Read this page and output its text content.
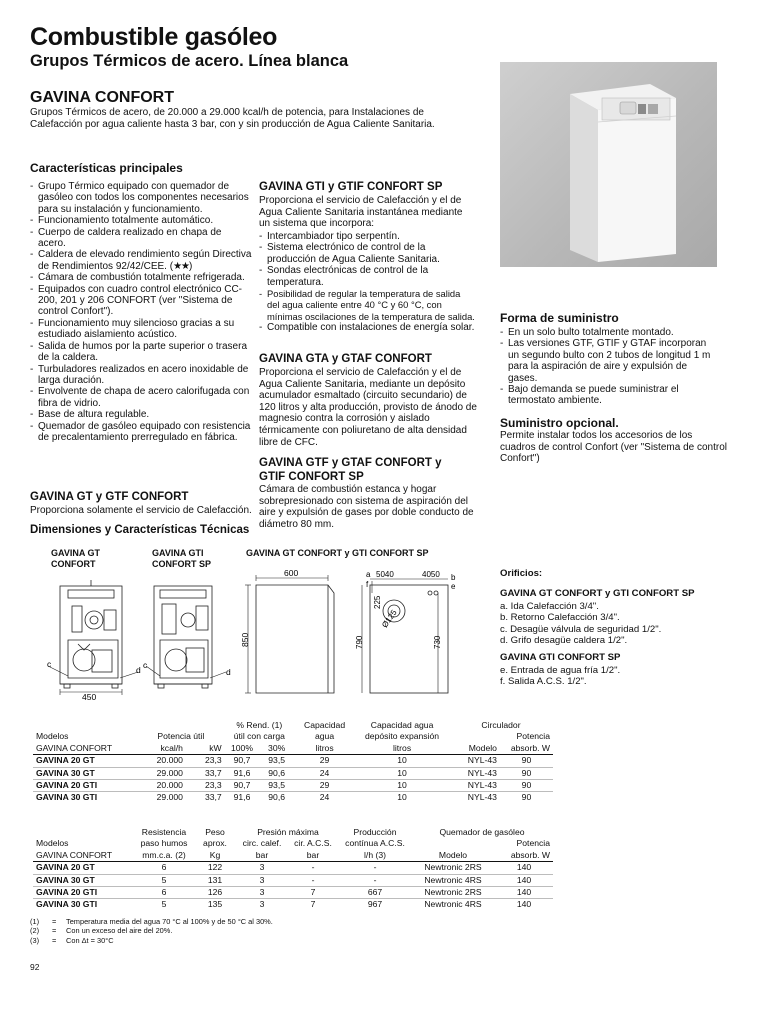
Combustible gasóleo
Grupos Térmicos de acero. Línea blanca
GAVINA CONFORT
Grupos Térmicos de acero, de 20.000 a 29.000 kcal/h de potencia, para Instalaciones de Calefacción por agua caliente hasta 3 bar, con y sin producción de Agua Caliente Sanitaria.
Características principales
- Grupo Térmico equipado con quemador de gasóleo con todos los componentes necesarios para su instalación y funcionamiento.
- Funcionamiento totalmente automático.
- Cuerpo de caldera realizado en chapa de acero.
- Caldera de elevado rendimiento según Directiva
de Rendimientos 92/42/CEE. (★★)
- Cámara de combustión totalmente refrigerada.
- Equipados con cuadro control electrónico CC-200, 201 y 206 CONFORT (ver "Sistema de control Confort").
- Funcionamiento muy silencioso gracias a su estudiado aislamiento acústico.
- Salida de humos por la parte superior o trasera de la caldera.
- Turbuladores realizados en acero inoxidable de larga duración.
- Envolvente de chapa de acero calorifugada con fibra de vidrio.
- Base de altura regulable.
- Quemador de gasóleo equipado con resistencia de precalentamiento prerregulado en fábrica.
GAVINA GT y GTF CONFORT
Proporciona solamente el servicio de Calefacción.
GAVINA GTI y GTIF CONFORT SP
Proporciona el servicio de Calefacción y el de Agua Caliente Sanitaria instantánea mediante un sistema que incorpora:
- Intercambiador tipo serpentín.
- Sistema electrónico de control de la producción de Agua Caliente Sanitaria.
- Sondas electrónicas de control de la temperatura.
- Posibilidad de regular la temperatura de salida del agua caliente entre 40 °C y 60 °C, con mínimas oscilaciones de la temperatura de salida.
- Compatible con instalaciones de energía solar.
GAVINA GTA y GTAF CONFORT
Proporciona el servicio de Calefacción y el de Agua Caliente Sanitaria, mediante un depósito acumulador esmaltado (circuito secundario) de 120 litros y alta producción, provisto de ánodo de magnesio contra la corrosión y aislado térmicamente con poliuretano de alta densidad libre de CFC.
GAVINA GTF y GTAF CONFORT y GTIF CONFORT SP
Cámara de combustión estanca y hogar sobrepresionado con sistema de aspiración del aire y expulsión de gases por doble conducto de diámetro 80 mm.
Forma de suministro
- En un solo bulto totalmente montado.
- Las versiones GTF, GTIF y GTAF incorporan un segundo bulto con 2 tubos de longitud 1 m para la aspiración de aire y expulsión de gases.
- Bajo demanda se puede suministrar el termostato ambiente.
Suministro opcional.
Permite instalar todos los accesorios de los cuadros de control Confort (ver "Sistema de control Confort")
Dimensiones y Características Técnicas
GAVINA GT
CONFORT
GAVINA GTI
CONFORT SP
GAVINA GT CONFORT y GTI CONFORT SP
c
d
450
c
d
600
850
a 5040	4050 b
e
f
225
Ø125
790	730
Orificios:
GAVINA GT CONFORT y GTI CONFORT SP
a. Ida Calefacción 3/4".
b. Retorno Calefacción 3/4".
c. Desagüe válvula de seguridad 1/2".
d. Grifo desagüe caldera 1/2".
GAVINA GTI CONFORT SP
e. Entrada de agua fría 1/2".
f. Salida A.C.S. 1/2".
			% Rend. (1)		Capacidad	Capacidad agua	Circulador	
Modelos	Potencia útil		útil con carga		agua	depósito expansión		Potencia
GAVINA CONFORT	kcal/h	kW	100%	30%	litros	litros	Modelo	absorb. W
GAVINA 20 GT	20.000	23,3	90,7	93,5	29	10	NYL-43	90
GAVINA 30 GT	29.000	33,7	91,6	90,6	24	10	NYL-43	90
GAVINA 20 GTI	20.000	23,3	90,7	93,5	29	10	NYL-43	90
GAVINA 30 GTI	29.000	33,7	91,6	90,6	24	10	NYL-43	90
	Resistencia	Peso	Presión máxima		Producción	Quemador de gasóleo	
Modelos	paso humos	aprox.	circ. calef.	cir. A.C.S.	contínua A.C.S.		Potencia
GAVINA CONFORT	mm.c.a. (2)	Kg	bar	bar	l/h (3)	Modelo	absorb. W
GAVINA 20 GT	6	122	3	-	-	Newtronic 2RS	140
GAVINA 30 GT	5	131	3	-	-	Newtronic 4RS	140
GAVINA 20 GTI	6	126	3	7	667	Newtronic 2RS	140
GAVINA 30 GTI	5	135	3	7	967	Newtronic 4RS	140
(1) = Temperatura media del agua 70 °C al 100% y de 50 °C al 30%.
(2) = Con un exceso del aire del 20%.
(3) = Con Δt = 30°C
92
